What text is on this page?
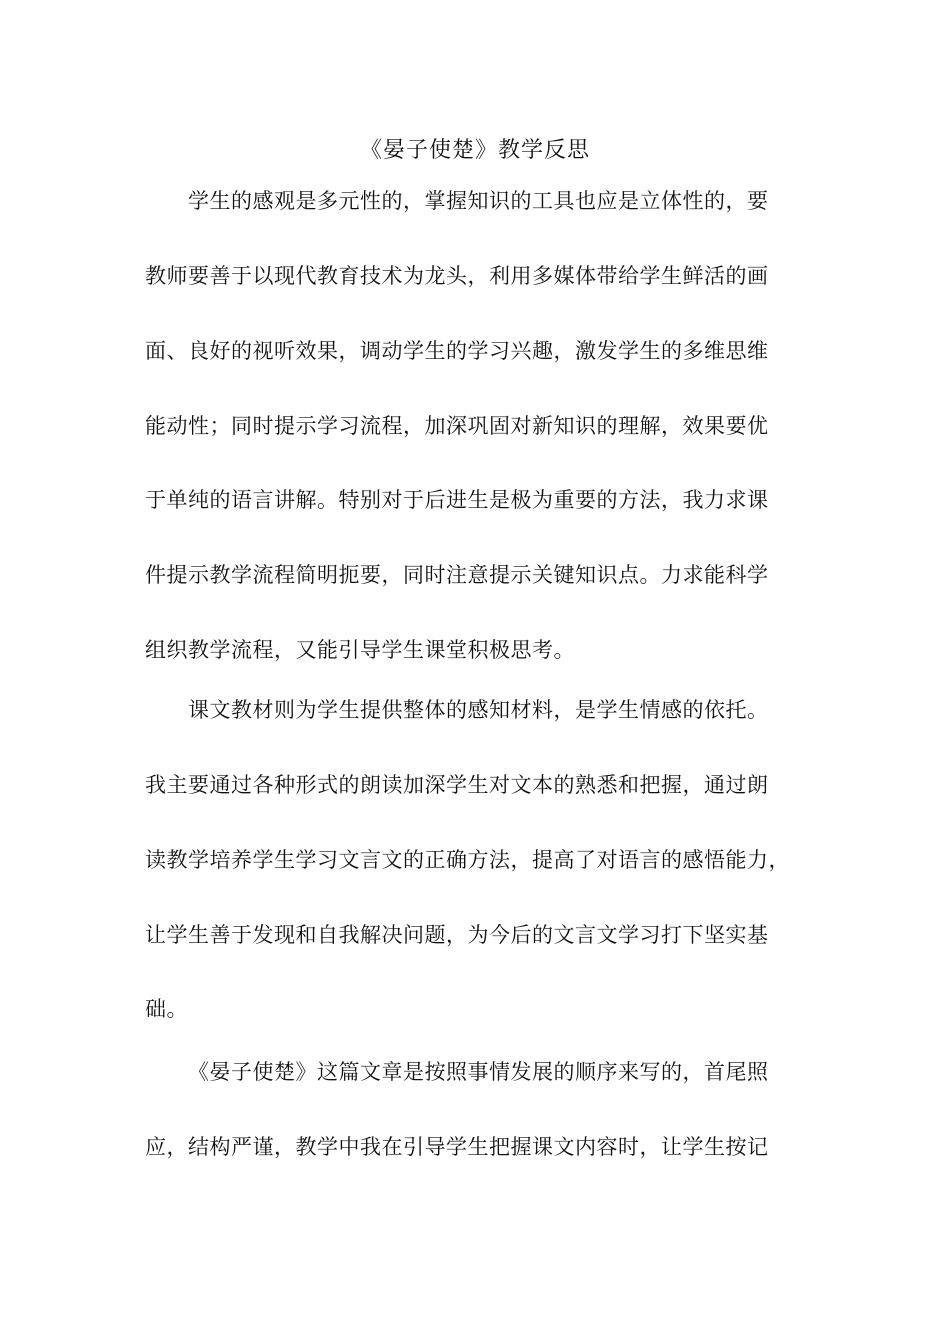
《晏子使楚》教学反思
学生的感观是多元性的，掌握知识的工具也应是立体性的，要
教师要善于以现代教育技术为龙头，利用多媒体带给学生鲜活的画
面、良好的视听效果，调动学生的学习兴趣，激发学生的多维思维
能动性；同时提示学习流程，加深巩固对新知识的理解，效果要优
于单纯的语言讲解。特别对于后进生是极为重要的方法，我力求课
件提示教学流程简明扼要，同时注意提示关键知识点。力求能科学
组织教学流程，又能引导学生课堂积极思考。
课文教材则为学生提供整体的感知材料，是学生情感的依托。
我主要通过各种形式的朗读加深学生对文本的熟悉和把握，通过朗
读教学培养学生学习文言文的正确方法，提高了对语言的感悟能力，
让学生善于发现和自我解决问题，为今后的文言文学习打下坚实基
础。
《晏子使楚》这篇文章是按照事情发展的顺序来写的，首尾照
应，结构严谨，教学中我在引导学生把握课文内容时，让学生按记
